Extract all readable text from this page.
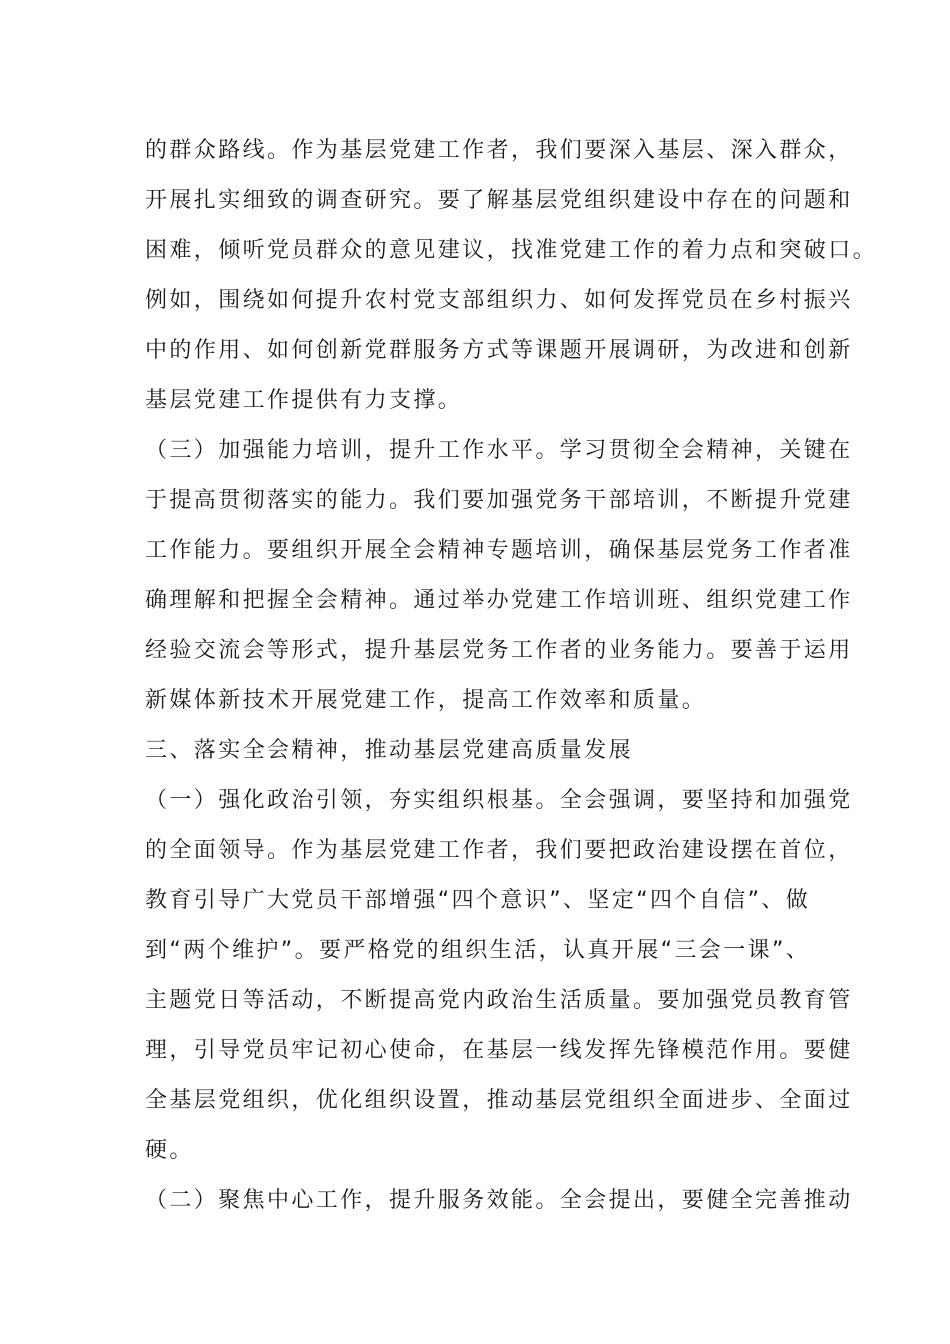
的群众路线。作为基层党建工作者，我们要深入基层、深入群众，
开展扎实细致的调查研究。要了解基层党组织建设中存在的问题和
困难，倾听党员群众的意见建议，找准党建工作的着力点和突破口。
例如，围绕如何提升农村党支部组织力、如何发挥党员在乡村振兴
中的作用、如何创新党群服务方式等课题开展调研，为改进和创新
基层党建工作提供有力支撑。
（三）加强能力培训，提升工作水平。学习贯彻全会精神，关键在
于提高贯彻落实的能力。我们要加强党务干部培训，不断提升党建
工作能力。要组织开展全会精神专题培训，确保基层党务工作者准
确理解和把握全会精神。通过举办党建工作培训班、组织党建工作
经验交流会等形式，提升基层党务工作者的业务能力。要善于运用
新媒体新技术开展党建工作，提高工作效率和质量。
三、落实全会精神，推动基层党建高质量发展
（一）强化政治引领，夯实组织根基。全会强调，要坚持和加强党
的全面领导。作为基层党建工作者，我们要把政治建设摆在首位，
教育引导广大党员干部增强“四个意识”、坚定“四个自信”、做
到“两个维护”。要严格党的组织生活，认真开展“三会一课”、
主题党日等活动，不断提高党内政治生活质量。要加强党员教育管
理，引导党员牢记初心使命，在基层一线发挥先锋模范作用。要健
全基层党组织，优化组织设置，推动基层党组织全面进步、全面过
硬。
（二）聚焦中心工作，提升服务效能。全会提出，要健全完善推动
